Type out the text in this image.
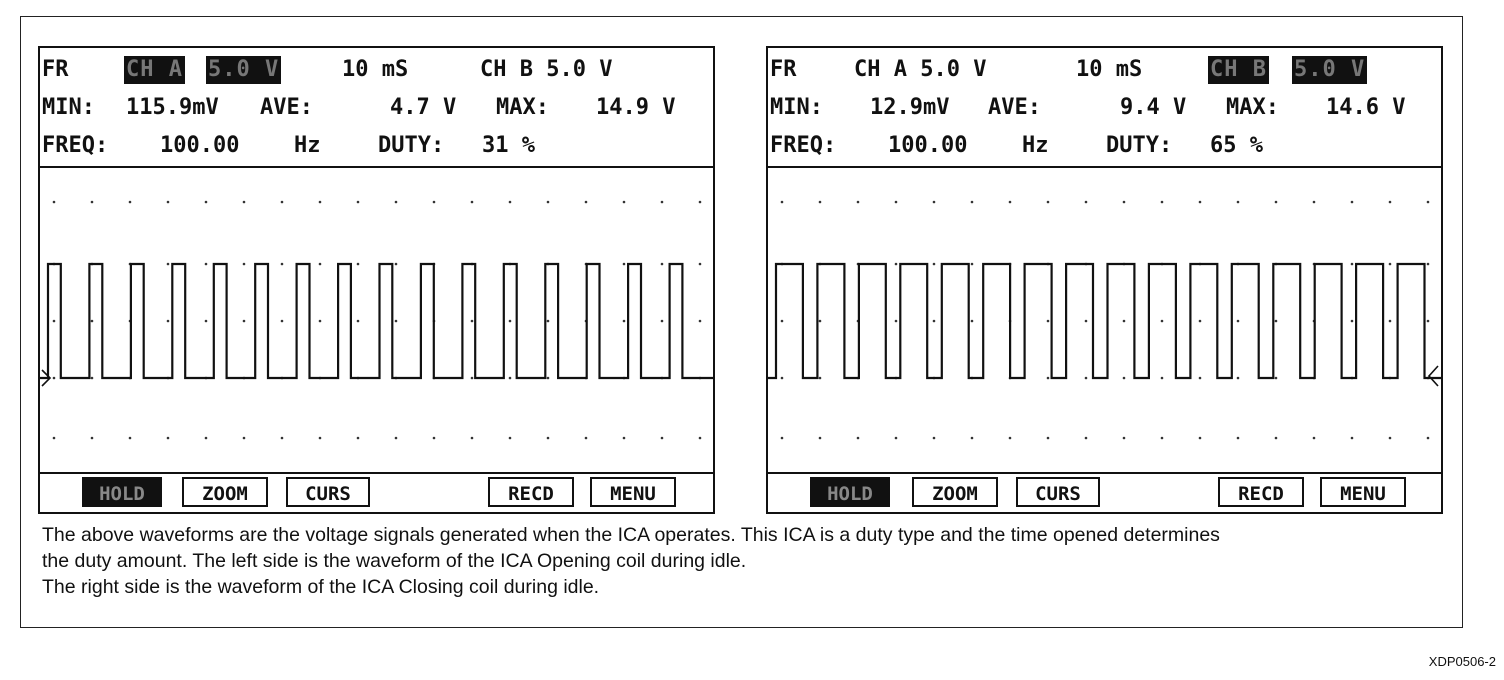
FR	CH A 5.0 V	10 mS	CH B 5.0 V
MIN: 115.9mV AVE:	4.7 V MAX: 14.9 V
FREQ: 100.00 Hz	DUTY: 31 %
HOLD	ZOOM	CURS	RECD	MENU
FR	CH A 5.0 V	10 mS	CH B 5.0 V
MIN: 12.9mV AVE:	9.4 V MAX: 14.6 V
FREQ: 100.00 Hz	DUTY: 65 %
HOLD	ZOOM	CURS	RECD	MENU
The above waveforms are the voltage signals generated when the ICA operates. This ICA is a duty type and the time opened determines
the duty amount. The left side is the waveform of the ICA Opening coil during idle.
The right side is the waveform of the ICA Closing coil during idle.
XDP0506-2
